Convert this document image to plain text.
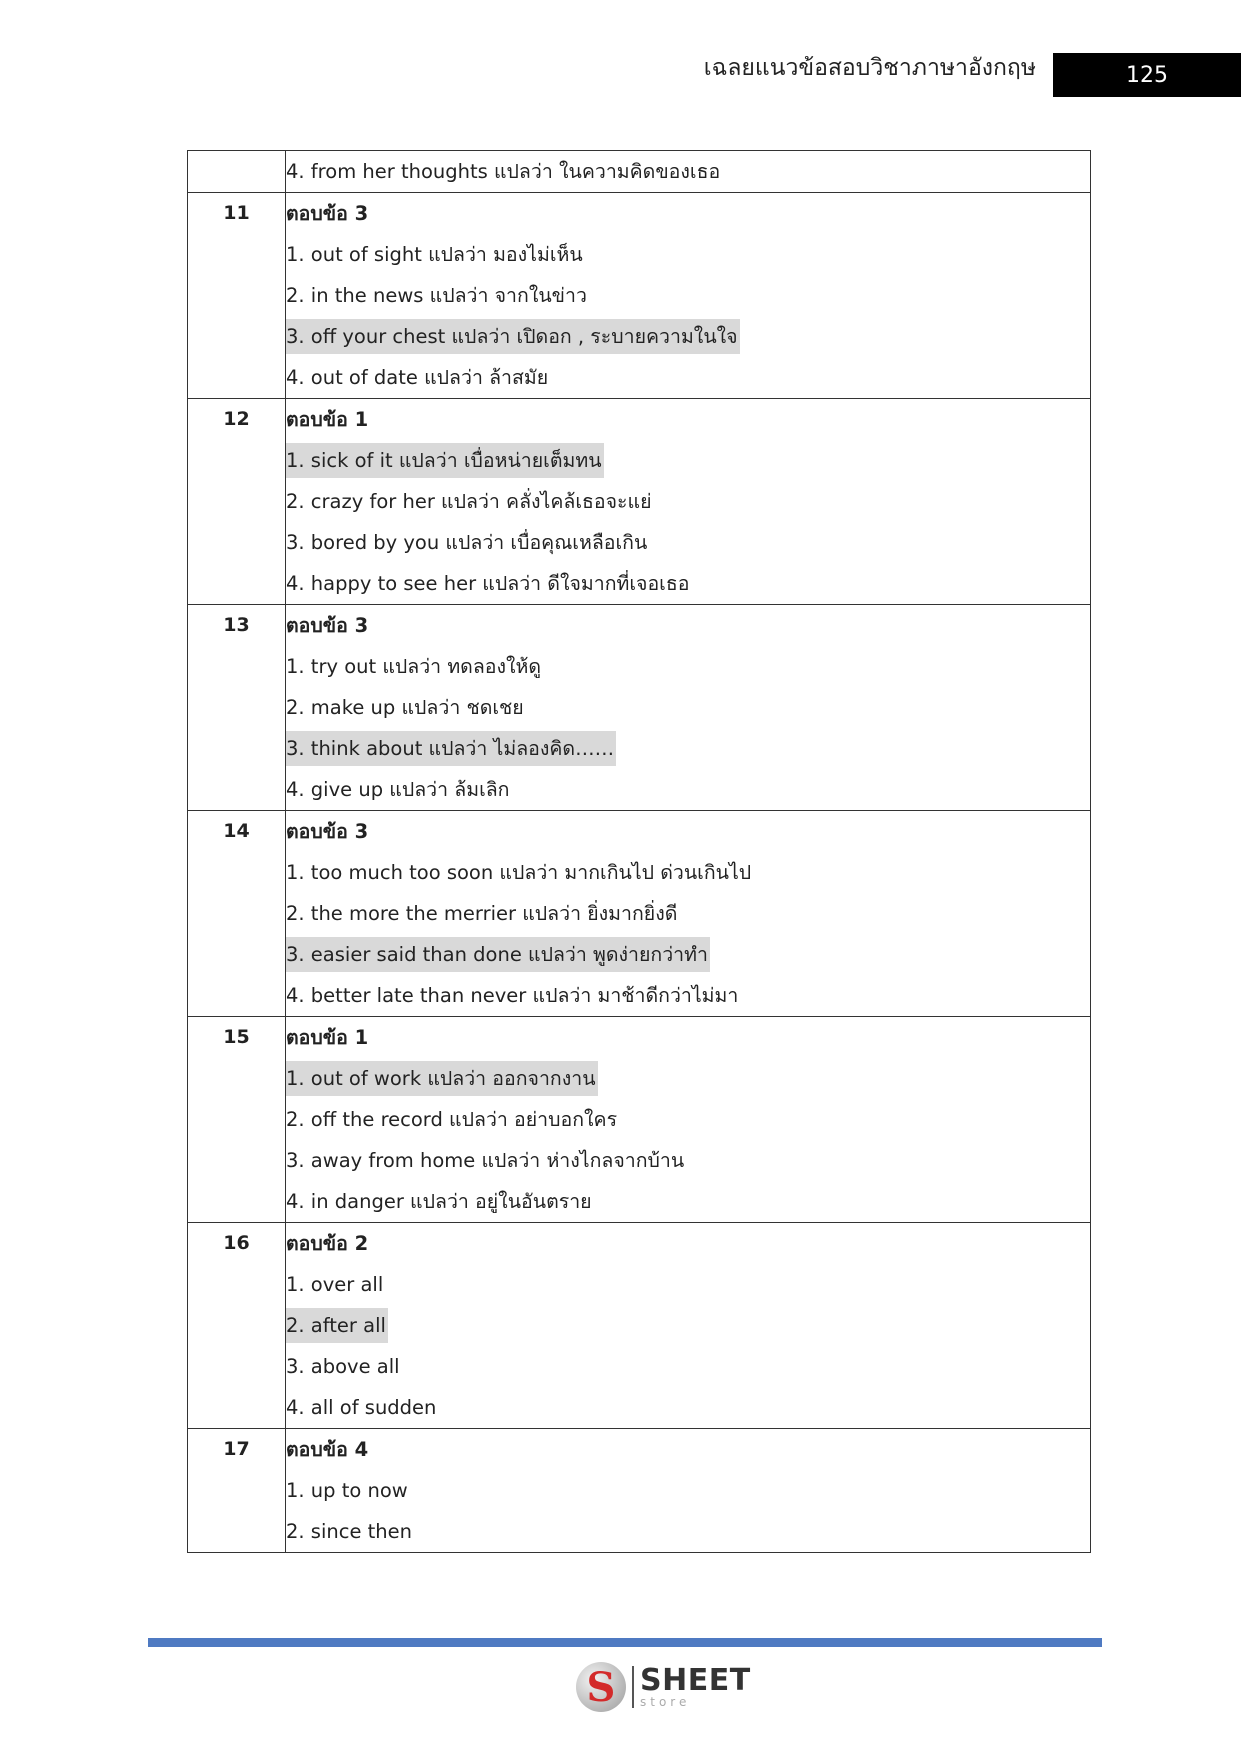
เฉลยแนวข้อสอบวิชาภาษาอังกฤษ	125

	4. from her thoughts แปลว่า ในความคิดของเธอ

11	ตอบข้อ 3
1. out of sight แปลว่า มองไม่เห็น
2. in the news แปลว่า จากในข่าว
3. off your chest แปลว่า เปิดอก , ระบายความในใจ
4. out of date แปลว่า ล้าสมัย

12	ตอบข้อ 1
1. sick of it แปลว่า เบื่อหน่ายเต็มทน
2. crazy for her แปลว่า คลั่งไคล้เธอจะแย่
3. bored by you แปลว่า เบื่อคุณเหลือเกิน
4. happy to see her แปลว่า ดีใจมากที่เจอเธอ

13	ตอบข้อ 3
1. try out แปลว่า ทดลองให้ดู
2. make up แปลว่า ชดเชย
3. think about แปลว่า ไม่ลองคิด……
4. give up แปลว่า ล้มเลิก

14	ตอบข้อ 3
1. too much too soon แปลว่า มากเกินไป ด่วนเกินไป
2. the more the merrier แปลว่า ยิ่งมากยิ่งดี
3. easier said than done แปลว่า พูดง่ายกว่าทำ
4. better late than never แปลว่า มาช้าดีกว่าไม่มา

15	ตอบข้อ 1
1. out of work แปลว่า ออกจากงาน
2. off the record แปลว่า อย่าบอกใคร
3. away from home แปลว่า ห่างไกลจากบ้าน
4. in danger แปลว่า อยู่ในอันตราย

16	ตอบข้อ 2
1. over all
2. after all
3. above all
4. all of sudden

17	ตอบข้อ 4
1. up to now
2. since then
S SHEET
store
